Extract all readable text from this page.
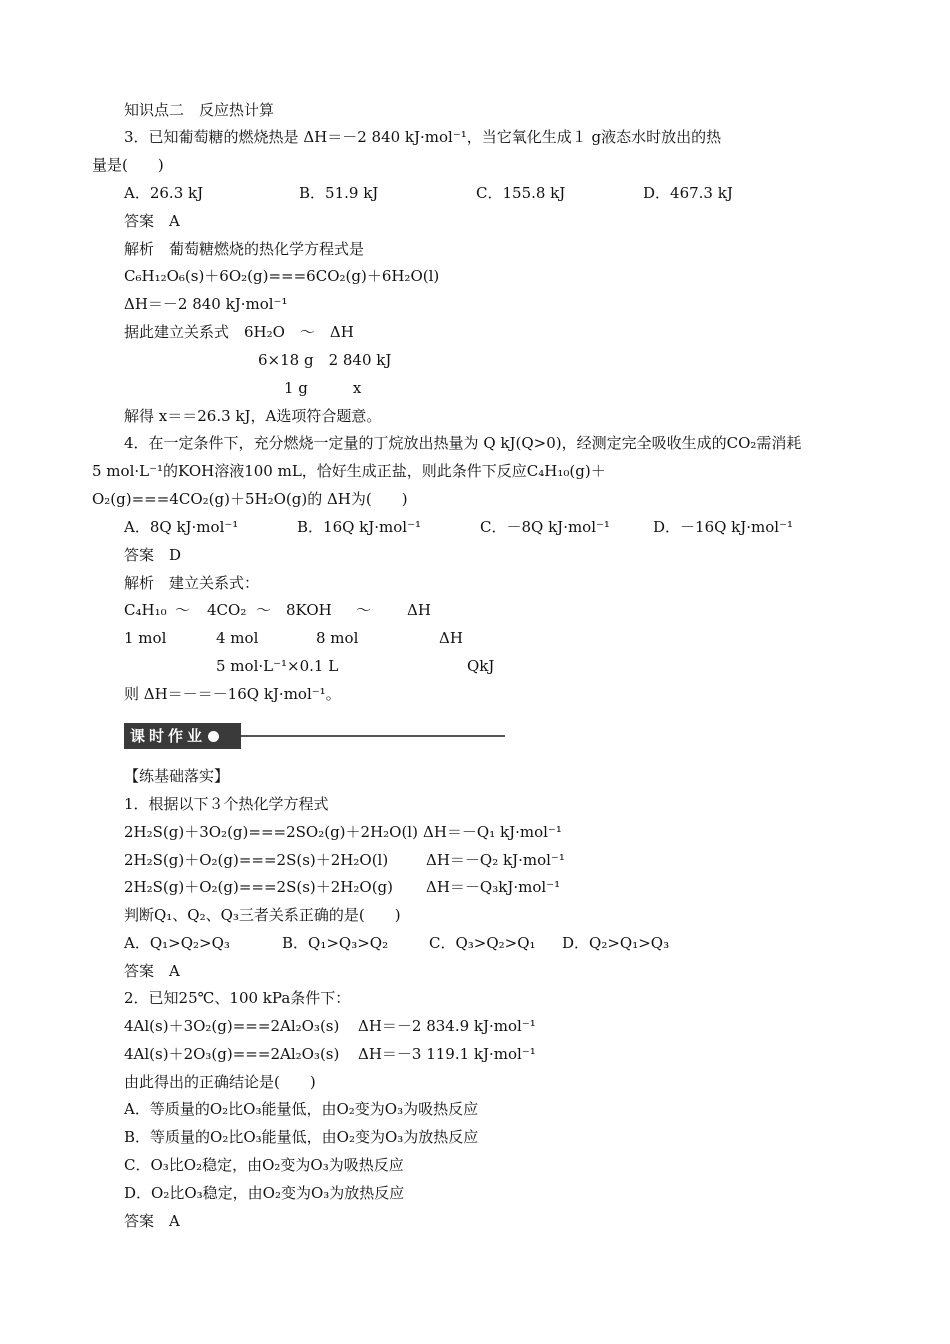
知识点二　反应热计算
3．已知葡萄糖的燃烧热是 ΔH＝－2 840 kJ·mol⁻¹，当它氧化生成１ g液态水时放出的热
量是(　　)
A．26.3 kJ	B．51.9 kJ	C．155.8 kJ	D．467.3 kJ
答案　A
解析　葡萄糖燃烧的热化学方程式是
C₆H₁₂O₆(s)＋6O₂(g)===6CO₂(g)＋6H₂O(l)
ΔH＝－2 840 kJ·mol⁻¹
据此建立关系式　6H₂O　～　ΔH
6×18 g　2 840 kJ
1 g　　　x
解得 x＝＝26.3 kJ，A选项符合题意。
4．在一定条件下，充分燃烧一定量的丁烷放出热量为 Q kJ(Q>0)，经测定完全吸收生成的CO₂需消耗
5 mol·L⁻¹的KOH溶液100 mL，恰好生成正盐，则此条件下反应C₄H₁₀(g)＋
O₂(g)===4CO₂(g)＋5H₂O(g)的 ΔH为(　　)
A．8Q kJ·mol⁻¹	B．16Q kJ·mol⁻¹	C．－8Q kJ·mol⁻¹	D．－16Q kJ·mol⁻¹
答案　D
解析　建立关系式：
C₄H₁₀ ～ 4CO₂ ～ 8KOH ～ ΔH
1 mol	4 mol	8 mol	ΔH
5 mol·L⁻¹×0.1 L	QkJ
则 ΔH＝－＝－16Q kJ·mol⁻¹。
课时作业
【练基础落实】
1．根据以下３个热化学方程式
2H₂S(g)＋3O₂(g)===2SO₂(g)＋2H₂O(l) ΔH＝－Q₁ kJ·mol⁻¹
2H₂S(g)＋O₂(g)===2S(s)＋2H₂O(l)	ΔH＝－Q₂ kJ·mol⁻¹
2H₂S(g)＋O₂(g)===2S(s)＋2H₂O(g) ΔH＝－Q₃kJ·mol⁻¹
判断Q₁、Q₂、Q₃三者关系正确的是(　　)
A．Q₁>Q₂>Q₃	B．Q₁>Q₃>Q₂	C．Q₃>Q₂>Q₁ D．Q₂>Q₁>Q₃
答案　A
2．已知25℃、100 kPa条件下：
4Al(s)＋3O₂(g)===2Al₂O₃(s) ΔH＝－2 834.9 kJ·mol⁻¹
4Al(s)＋2O₃(g)===2Al₂O₃(s) ΔH＝－3 119.1 kJ·mol⁻¹
由此得出的正确结论是(　　)
A．等质量的O₂比O₃能量低，由O₂变为O₃为吸热反应
B．等质量的O₂比O₃能量低，由O₂变为O₃为放热反应
C．O₃比O₂稳定，由O₂变为O₃为吸热反应
D．O₂比O₃稳定，由O₂变为O₃为放热反应
答案　A
